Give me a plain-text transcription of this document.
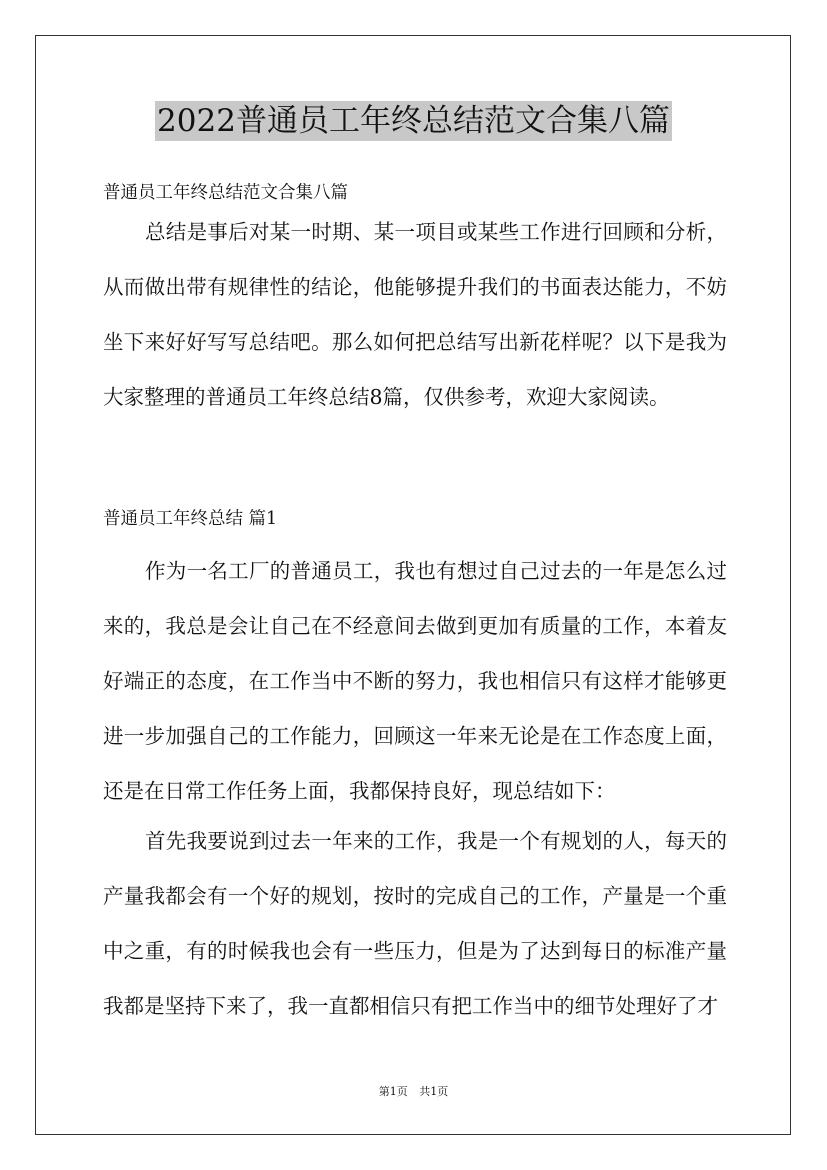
2022普通员工年终总结范文合集八篇
普通员工年终总结范文合集八篇

总结是事后对某一时期、某一项目或某些工作进行回顾和分析，从而做出带有规律性的结论，他能够提升我们的书面表达能力，不妨坐下来好好写写总结吧。那么如何把总结写出新花样呢？以下是我为大家整理的普通员工年终总结8篇，仅供参考，欢迎大家阅读。

普通员工年终总结 篇1

作为一名工厂的普通员工，我也有想过自己过去的一年是怎么过来的，我总是会让自己在不经意间去做到更加有质量的工作，本着友好端正的态度，在工作当中不断的努力，我也相信只有这样才能够更进一步加强自己的工作能力，回顾这一年来无论是在工作态度上面，还是在日常工作任务上面，我都保持良好，现总结如下：

首先我要说到过去一年来的工作，我是一个有规划的人，每天的产量我都会有一个好的规划，按时的完成自己的工作，产量是一个重中之重，有的时候我也会有一些压力，但是为了达到每日的标准产量我都是坚持下来了，我一直都相信只有把工作当中的细节处理好了才

第1页 共1页
